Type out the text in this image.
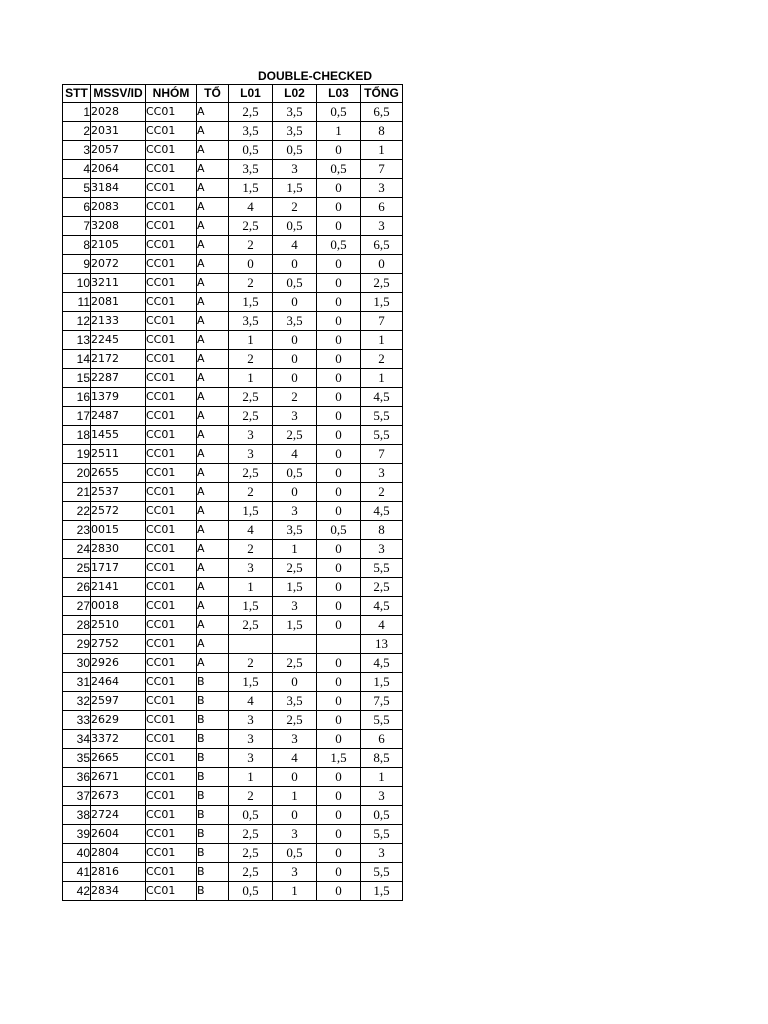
DOUBLE-CHECKED
STT	MSSV/ID	NHÓM	TỔ	L01	L02	L03	TỔNG
1	2028	CC01	A	2,5	3,5	0,5	6,5
2	2031	CC01	A	3,5	3,5	1	8
3	2057	CC01	A	0,5	0,5	0	1
4	2064	CC01	A	3,5	3	0,5	7
5	3184	CC01	A	1,5	1,5	0	3
6	2083	CC01	A	4	2	0	6
7	3208	CC01	A	2,5	0,5	0	3
8	2105	CC01	A	2	4	0,5	6,5
9	2072	CC01	A	0	0	0	0
10	3211	CC01	A	2	0,5	0	2,5
11	2081	CC01	A	1,5	0	0	1,5
12	2133	CC01	A	3,5	3,5	0	7
13	2245	CC01	A	1	0	0	1
14	2172	CC01	A	2	0	0	2
15	2287	CC01	A	1	0	0	1
16	1379	CC01	A	2,5	2	0	4,5
17	2487	CC01	A	2,5	3	0	5,5
18	1455	CC01	A	3	2,5	0	5,5
19	2511	CC01	A	3	4	0	7
20	2655	CC01	A	2,5	0,5	0	3
21	2537	CC01	A	2	0	0	2
22	2572	CC01	A	1,5	3	0	4,5
23	0015	CC01	A	4	3,5	0,5	8
24	2830	CC01	A	2	1	0	3
25	1717	CC01	A	3	2,5	0	5,5
26	2141	CC01	A	1	1,5	0	2,5
27	0018	CC01	A	1,5	3	0	4,5
28	2510	CC01	A	2,5	1,5	0	4
29	2752	CC01	A				13
30	2926	CC01	A	2	2,5	0	4,5
31	2464	CC01	B	1,5	0	0	1,5
32	2597	CC01	B	4	3,5	0	7,5
33	2629	CC01	B	3	2,5	0	5,5
34	3372	CC01	B	3	3	0	6
35	2665	CC01	B	3	4	1,5	8,5
36	2671	CC01	B	1	0	0	1
37	2673	CC01	B	2	1	0	3
38	2724	CC01	B	0,5	0	0	0,5
39	2604	CC01	B	2,5	3	0	5,5
40	2804	CC01	B	2,5	0,5	0	3
41	2816	CC01	B	2,5	3	0	5,5
42	2834	CC01	B	0,5	1	0	1,5
